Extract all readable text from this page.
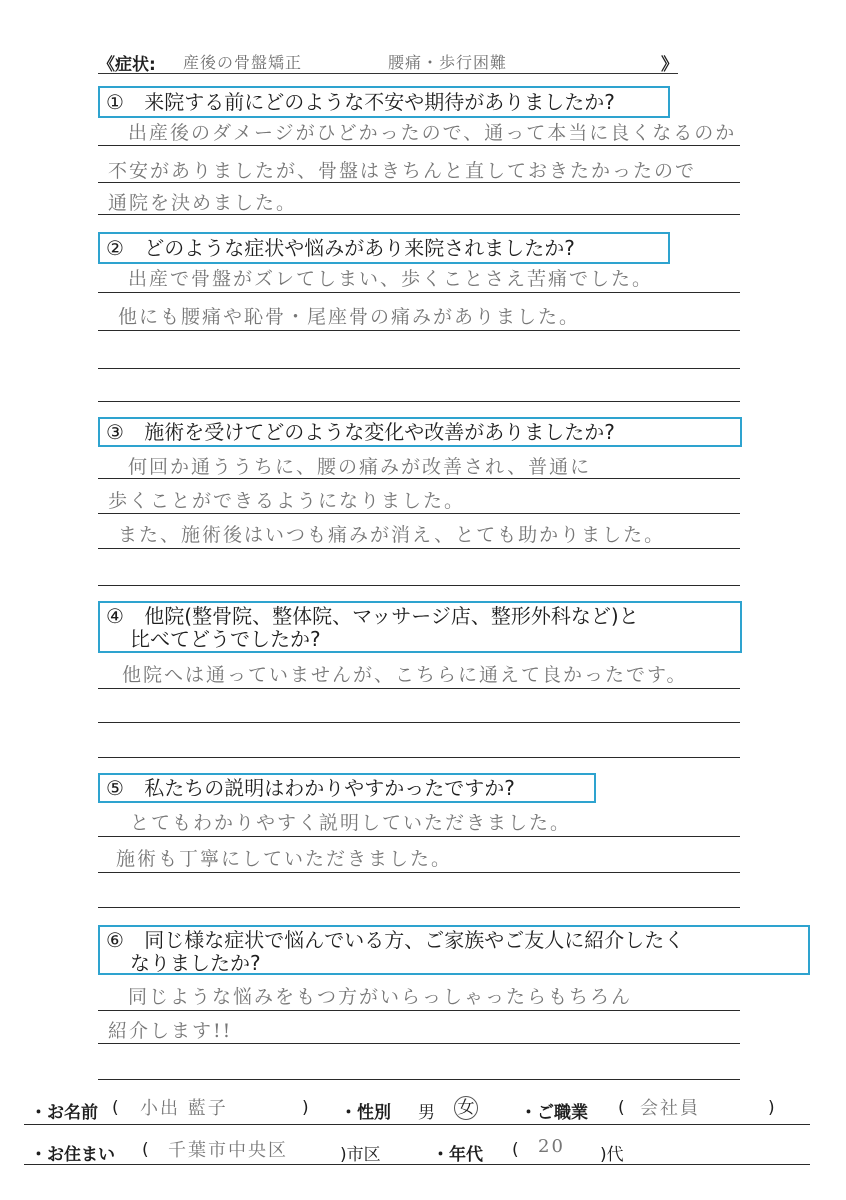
《症状: 産後の骨盤矯正	腰痛・歩行困難	》
① 来院する前にどのような不安や期待がありましたか?
出産後のダメージがひどかったので、通って本当に良くなるのか
不安がありましたが、骨盤はきちんと直しておきたかったので
通院を決めました。
② どのような症状や悩みがあり来院されましたか?
出産で骨盤がズレてしまい、歩くことさえ苦痛でした。
他にも腰痛や恥骨・尾座骨の痛みがありました。
③ 施術を受けてどのような変化や改善がありましたか?
何回か通ううちに、腰の痛みが改善され、普通に
歩くことができるようになりました。
また、施術後はいつも痛みが消え、とても助かりました。
④ 他院(整骨院、整体院、マッサージ店、整形外科など)と
比べてどうでしたか?
他院へは通っていませんが、こちらに通えて良かったです。
⑤ 私たちの説明はわかりやすかったですか?
とてもわかりやすく説明していただきました。
施術も丁寧にしていただきました。
⑥ 同じ様な症状で悩んでいる方、ご家族やご友人に紹介したく
なりましたか?
同じような悩みをもつ方がいらっしゃったらもちろん
紹介します!!
・お名前 ( 小出 藍子	) ・性別 男	女	・ご職業 ( 会社員	)
・お住まい ( 千葉市中央区	)市区	・年代 ( 20 )代
